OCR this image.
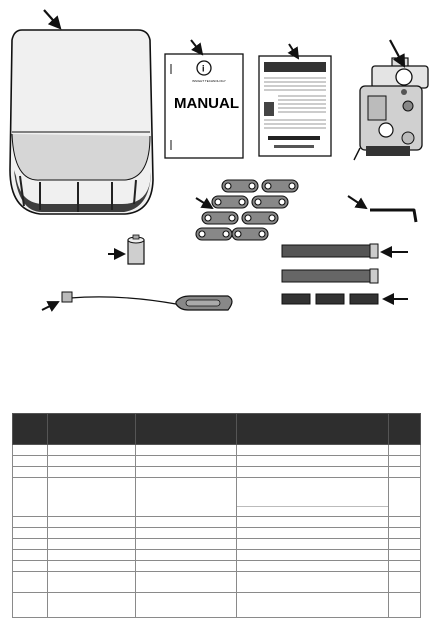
i
INSIGHT TECHNOLOGY
MANUAL
